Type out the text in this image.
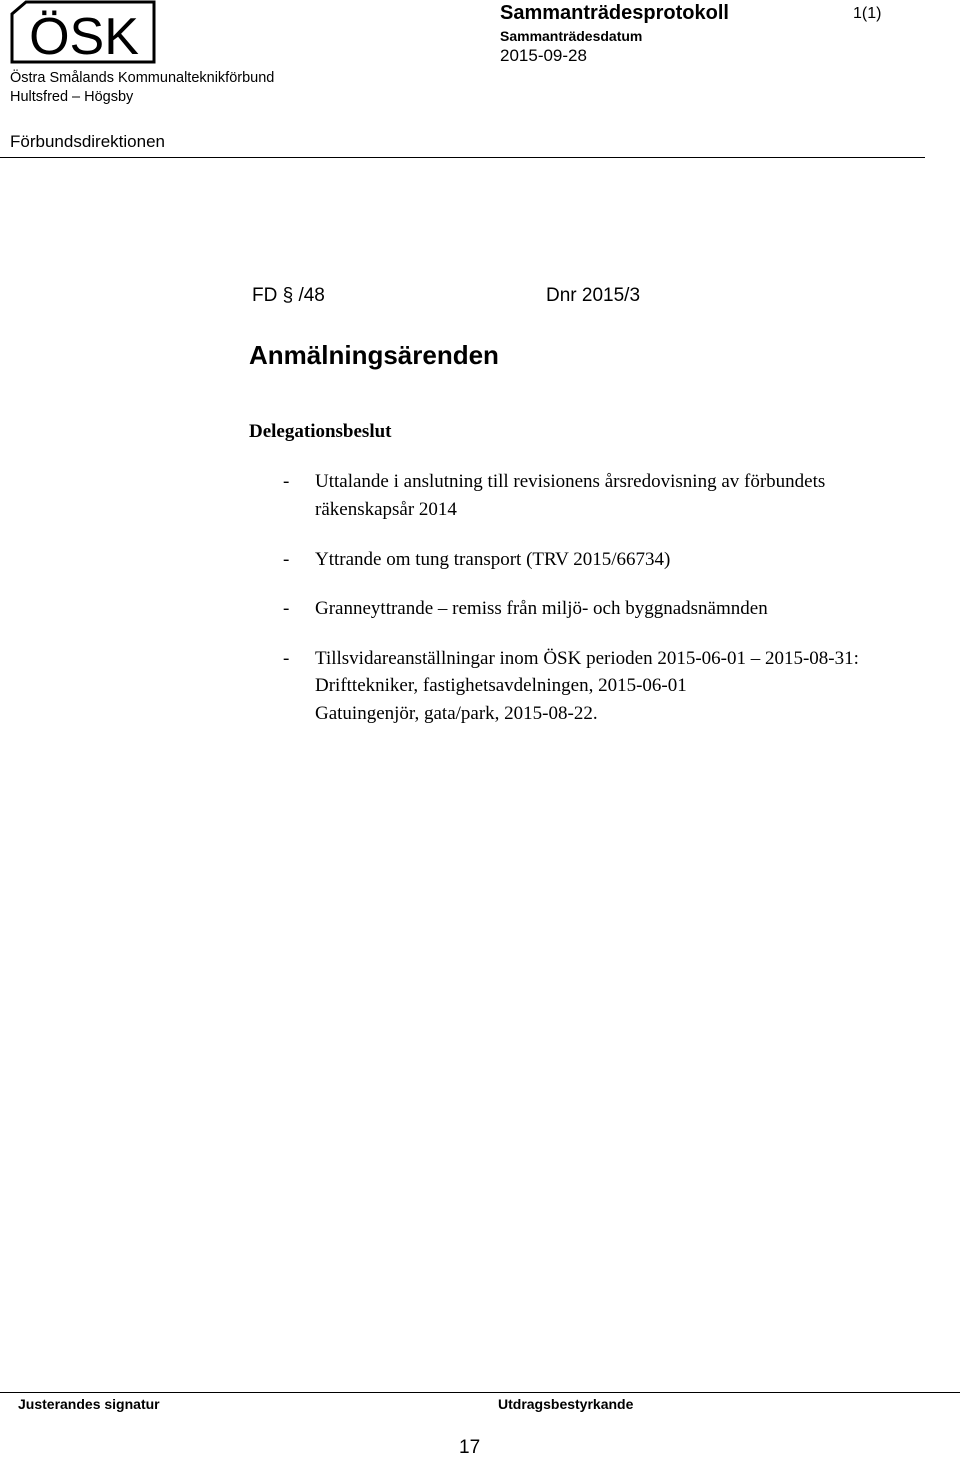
ÖSK
Östra Smålands Kommunalteknikförbund
Hultsfred – Högsby
Förbundsdirektionen
Sammanträdesprotokoll	1(1)
Sammanträdesdatum
2015-09-28
FD § /48	Dnr 2015/3
Anmälningsärenden
Delegationsbeslut
- Uttalande i anslutning till revisionens årsredovisning av förbundets
räkenskapsår 2014
- Yttrande om tung transport (TRV 2015/66734)
- Granneyttrande – remiss från miljö- och byggnadsnämnden
- Tillsvidareanställningar inom ÖSK perioden 2015-06-01 – 2015-08-31:
Drifttekniker, fastighetsavdelningen, 2015-06-01
Gatuingenjör, gata/park, 2015-08-22.
Justerandes signatur	Utdragsbestyrkande
17
